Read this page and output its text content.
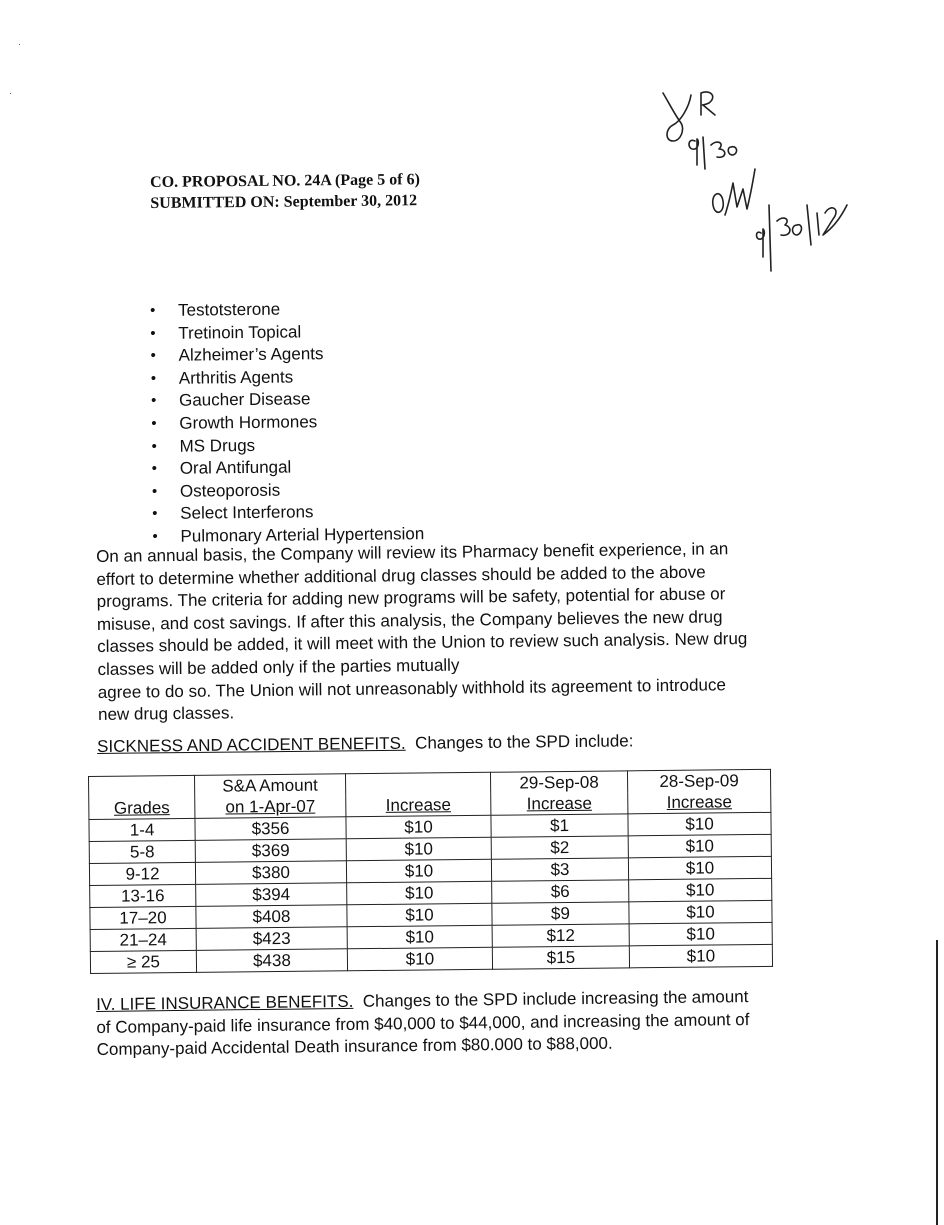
CO. PROPOSAL NO. 24A (Page 5 of 6)
SUBMITTED ON: September 30, 2012
• Testotsterone
• Tretinoin Topical
• Alzheimer’s Agents
• Arthritis Agents
• Gaucher Disease
• Growth Hormones
• MS Drugs
• Oral Antifungal
• Osteoporosis
• Select Interferons
• Pulmonary Arterial Hypertension
On an annual basis, the Company will review its Pharmacy benefit experience, in an
effort to determine whether additional drug classes should be added to the above
programs. The criteria for adding new programs will be safety, potential for abuse or
misuse, and cost savings. If after this analysis, the Company believes the new drug
classes should be added, it will meet with the Union to review such analysis. New drug
classes will be added only if the parties mutually
agree to do so. The Union will not unreasonably withhold its agreement to introduce
new drug classes.
SICKNESS AND ACCIDENT BENEFITS.  Changes to the SPD include:
	S&A Amount		29-Sep-08	28-Sep-09
Grades	on 1-Apr-07	Increase	Increase	Increase
1-4	$356	$10	$1	$10
5-8	$369	$10	$2	$10
9-12	$380	$10	$3	$10
13-16	$394	$10	$6	$10
17–20	$408	$10	$9	$10
21–24	$423	$10	$12	$10
≥ 25	$438	$10	$15	$10
IV. LIFE INSURANCE BENEFITS.  Changes to the SPD include increasing the amount
of Company-paid life insurance from $40,000 to $44,000, and increasing the amount of
Company-paid Accidental Death insurance from $80.000 to $88,000.
